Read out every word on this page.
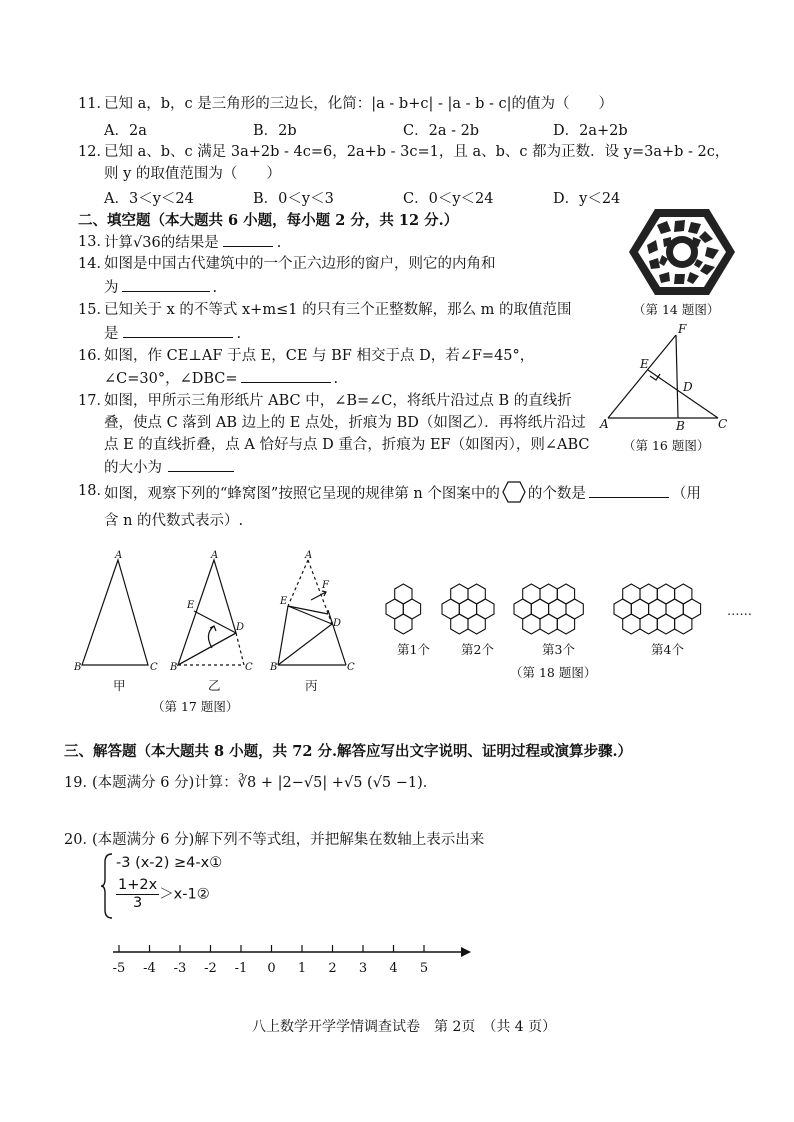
11．
已知 a，b，c 是三角形的三边长，化简：|a - b+c| - |a - b - c|的值为（　　）
A．2a	B．2b	C．2a - 2b	D．2a+2b
12．
已知 a、b、c 满足 3a+2b - 4c=6，2a+b - 3c=1，且 a、b、c 都为正数．设 y=3a+b - 2c，
则 y 的取值范围为（　　）
A．3＜y＜24	B．0＜y＜3	C．0＜y＜24	D．y＜24
二、填空题（本大题共 6 小题，每小题 2 分，共 12 分.）
13．
计算√36的结果是	.
14．
如图是中国古代建筑中的一个正六边形的窗户，则它的内角和
为	.
15．
已知关于 x 的不等式 x+m≤1 的只有三个正整数解，那么 m 的取值范围
是	.
16．
如图，作 CE⊥AF 于点 E，CE 与 BF 相交于点 D，若∠F=45°，
∠C=30°，∠DBC=	.
17．
如图，甲所示三角形纸片 ABC 中，∠B=∠C，将纸片沿过点 B 的直线折
叠，使点 C 落到 AB 边上的 E 点处，折痕为 BD（如图乙）．再将纸片沿过
点 E 的直线折叠，点 A 恰好与点 D 重合，折痕为 EF（如图丙），则∠ABC
的大小为
18．
如图，观察下列的“蜂窝图”按照它呈现的规律第 n 个图案中的 的个数是	（用
含 n 的代数式表示）.
（第 14 题图）
A	B	C
F
E
D
（第 16 题图）
A
B	C
A
E
D
B	C
A
E
F
D
B	C
甲	乙	丙
（第 17 题图）
第1个 第2个	第3个	第4个
……
（第 18 题图）
三、解答题（本大题共 8 小题，共 72 分.解答应写出文字说明、证明过程或演算步骤.）
19．
(本题满分 6 分)计算：∛8 + |2−√5| +√5 (√5 −1)．
20．
(本题满分 6 分)解下列不等式组，并把解集在数轴上表示出来
-3 (x-2) ≥4-x①
$\frac{1+2x}{3}$ ＞x-1②
-5 -4 -3 -2 -1 0 1 2 3 4 5
八上数学开学学情调查试卷　第 2页　（共 4 页）
